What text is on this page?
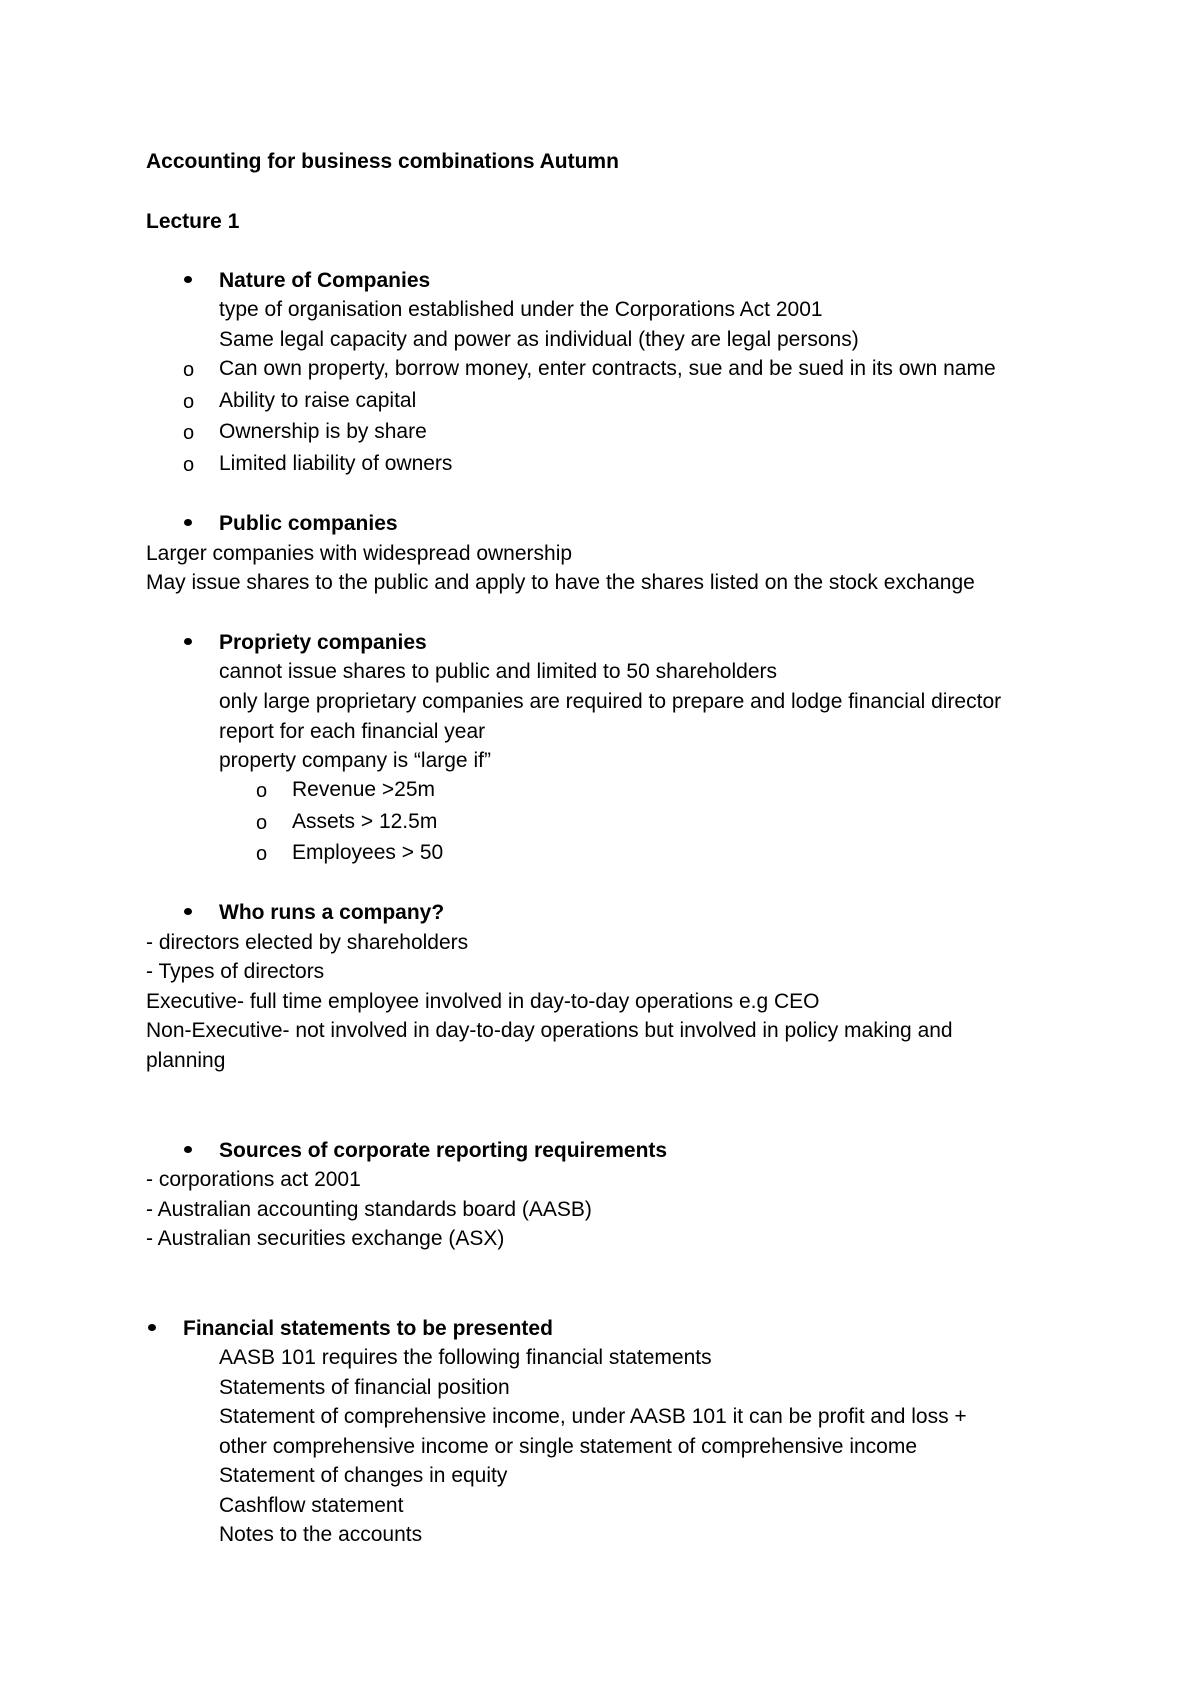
Accounting for business combinations Autumn
Lecture 1
Nature of Companies
type of organisation established under the Corporations Act 2001
Same legal capacity and power as individual (they are legal persons)
o Can own property, borrow money, enter contracts, sue and be sued in its own name
o Ability to raise capital
o Ownership is by share
o Limited liability of owners
Public companies
Larger companies with widespread ownership
May issue shares to the public and apply to have the shares listed on the stock exchange
Propriety companies
cannot issue shares to public and limited to 50 shareholders
only large proprietary companies are required to prepare and lodge financial director
report for each financial year
property company is “large if”
o Revenue >25m
o Assets > 12.5m
o Employees > 50
Who runs a company?
- directors elected by shareholders
- Types of directors
Executive- full time employee involved in day-to-day operations e.g CEO
Non-Executive- not involved in day-to-day operations but involved in policy making and
planning
Sources of corporate reporting requirements
- corporations act 2001
- Australian accounting standards board (AASB)
- Australian securities exchange (ASX)
Financial statements to be presented
AASB 101 requires the following financial statements
Statements of financial position
Statement of comprehensive income, under AASB 101 it can be profit and loss +
other comprehensive income or single statement of comprehensive income
Statement of changes in equity
Cashflow statement
Notes to the accounts
